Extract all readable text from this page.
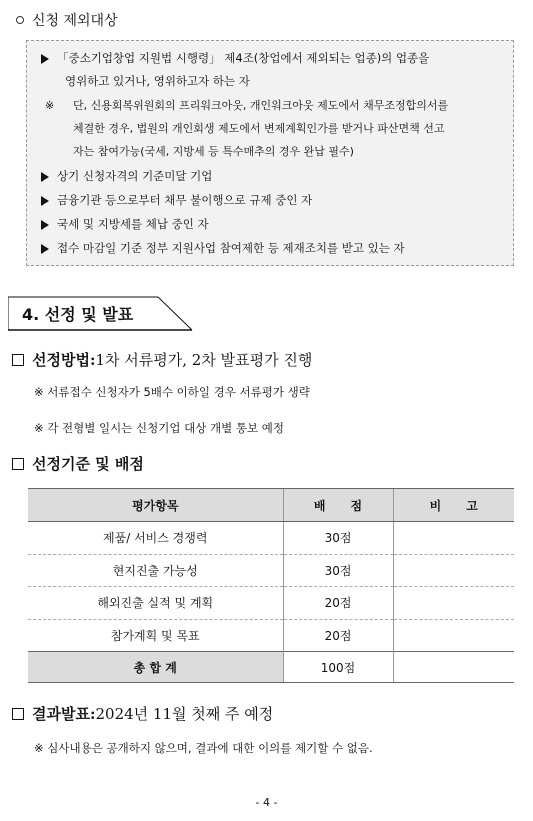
신청 제외대상
「중소기업창업 지원법 시행령」 제4조(창업에서 제외되는 업종)의 업종을
영위하고 있거나, 영위하고자 하는 자
※ 단, 신용회복위원회의 프리워크아웃, 개인워크아웃 제도에서 채무조정합의서를
체결한 경우, 법원의 개인회생 제도에서 변제계획인가를 받거나 파산면책 선고
자는 참여가능(국세, 지방세 등 특수매추의 경우 완납 필수)
상기 신청자격의 기준미달 기업
금융기관 등으로부터 채무 불이행으로 규제 중인 자
국세 및 지방세를 체납 중인 자
접수 마감일 기준 정부 지원사업 참여제한 등 제재조치를 받고 있는 자
4. 선정 및 발표
선정방법: 1차 서류평가, 2차 발표평가 진행
※ 서류접수 신청자가 5배수 이하일 경우 서류평가 생략
※ 각 전형별 일시는 신청기업 대상 개별 통보 예정
선정기준 및 배점
평가항목	배      점	비      고
제품/ 서비스 경쟁력	30점	
현지진출 가능성	30점	
해외진출 실적 및 계획	20점	
참가계획 및 목표	20점	
총 합 계	100점	
결과발표: 2024년 11월 첫째 주 예정
※ 심사내용은 공개하지 않으며, 결과에 대한 이의를 제기할 수 없음.
- 4 -
